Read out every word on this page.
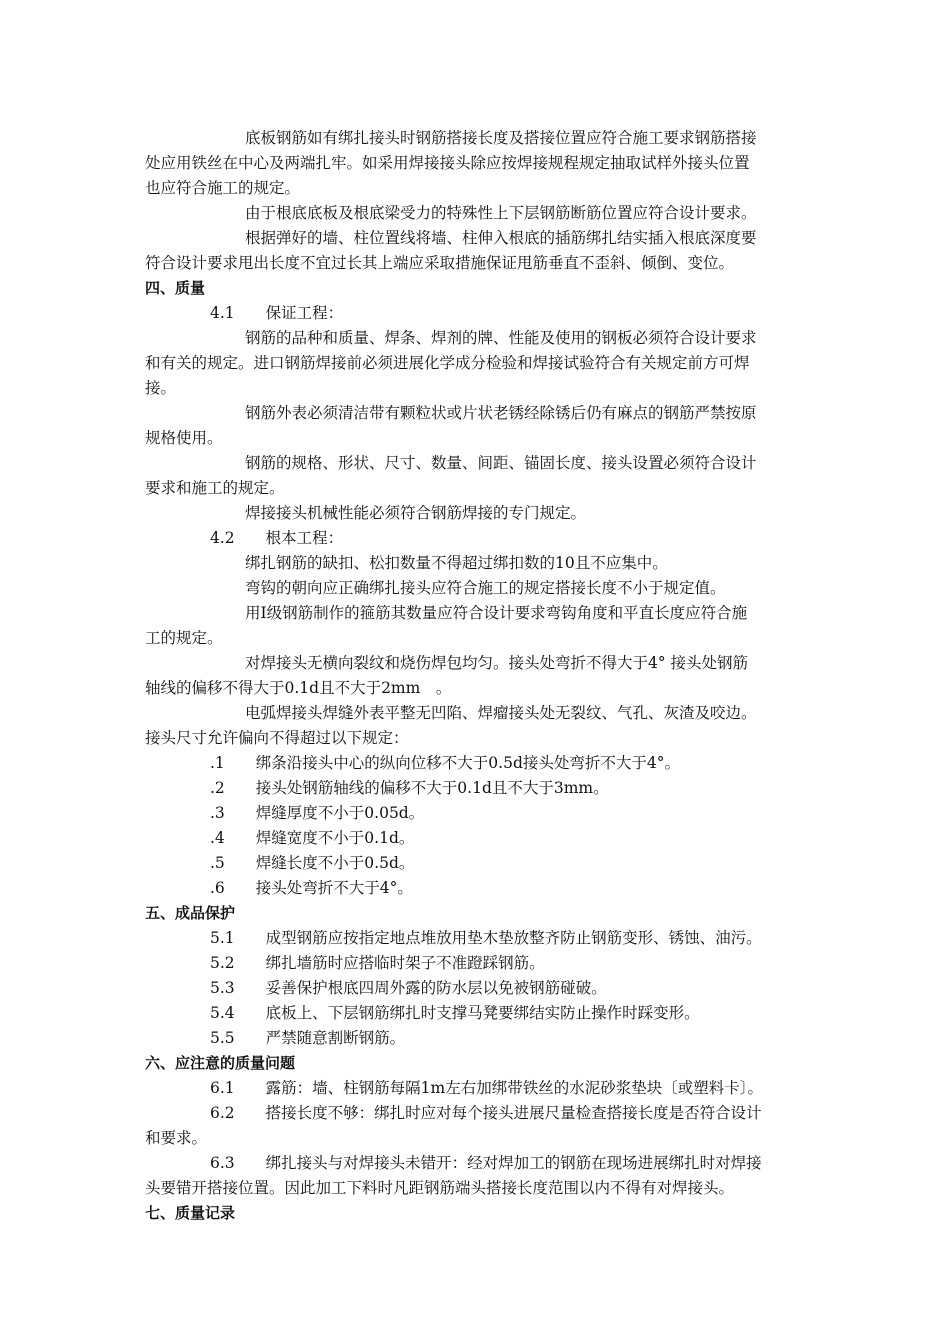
底板钢筋如有绑扎接头时钢筋搭接长度及搭接位置应符合施工要求钢筋搭接
处应用铁丝在中心及两端扎牢。如采用焊接接头除应按焊接规程规定抽取试样外接头位置
也应符合施工的规定。
由于根底底板及根底梁受力的特殊性上下层钢筋断筋位置应符合设计要求。
根据弹好的墙、柱位置线将墙、柱伸入根底的插筋绑扎结实插入根底深度要
符合设计要求甩出长度不宜过长其上端应采取措施保证甩筋垂直不歪斜、倾倒、变位。
四、质量
4.1　　保证工程：
钢筋的品种和质量、焊条、焊剂的牌、性能及使用的钢板必须符合设计要求
和有关的规定。进口钢筋焊接前必须进展化学成分检验和焊接试验符合有关规定前方可焊
接。
钢筋外表必须清洁带有颗粒状或片状老锈经除锈后仍有麻点的钢筋严禁按原
规格使用。
钢筋的规格、形状、尺寸、数量、间距、锚固长度、接头设置必须符合设计
要求和施工的规定。
焊接接头机械性能必须符合钢筋焊接的专门规定。
4.2　　根本工程：
绑扎钢筋的缺扣、松扣数量不得超过绑扣数的10且不应集中。
弯钩的朝向应正确绑扎接头应符合施工的规定搭接长度不小于规定值。
用Ⅰ级钢筋制作的箍筋其数量应符合设计要求弯钩角度和平直长度应符合施
工的规定。
对焊接头无横向裂纹和烧伤焊包均匀。接头处弯折不得大于4° 接头处钢筋
轴线的偏移不得大于0.1d且不大于2mm　。
电弧焊接头焊缝外表平整无凹陷、焊瘤接头处无裂纹、气孔、灰渣及咬边。
接头尺寸允许偏向不得超过以下规定：
.1　　绑条沿接头中心的纵向位移不大于0.5d接头处弯折不大于4°。
.2　　接头处钢筋轴线的偏移不大于0.1d且不大于3mm。
.3　　焊缝厚度不小于0.05d。
.4　　焊缝宽度不小于0.1d。
.5　　焊缝长度不小于0.5d。
.6　　接头处弯折不大于4°。
五、成品保护
5.1　　成型钢筋应按指定地点堆放用垫木垫放整齐防止钢筋变形、锈蚀、油污。
5.2　　绑扎墙筋时应搭临时架子不准蹬踩钢筋。
5.3　　妥善保护根底四周外露的防水层以免被钢筋碰破。
5.4　　底板上、下层钢筋绑扎时支撑马凳要绑结实防止操作时踩变形。
5.5　　严禁随意割断钢筋。
六、应注意的质量问题
6.1　　露筋：墙、柱钢筋每隔1m左右加绑带铁丝的水泥砂浆垫块〔或塑料卡〕。
6.2　　搭接长度不够：绑扎时应对每个接头进展尺量检查搭接长度是否符合设计
和要求。
6.3　　绑扎接头与对焊接头未错开：经对焊加工的钢筋在现场进展绑扎时对焊接
头要错开搭接位置。因此加工下料时凡距钢筋端头搭接长度范围以内不得有对焊接头。
七、质量记录
